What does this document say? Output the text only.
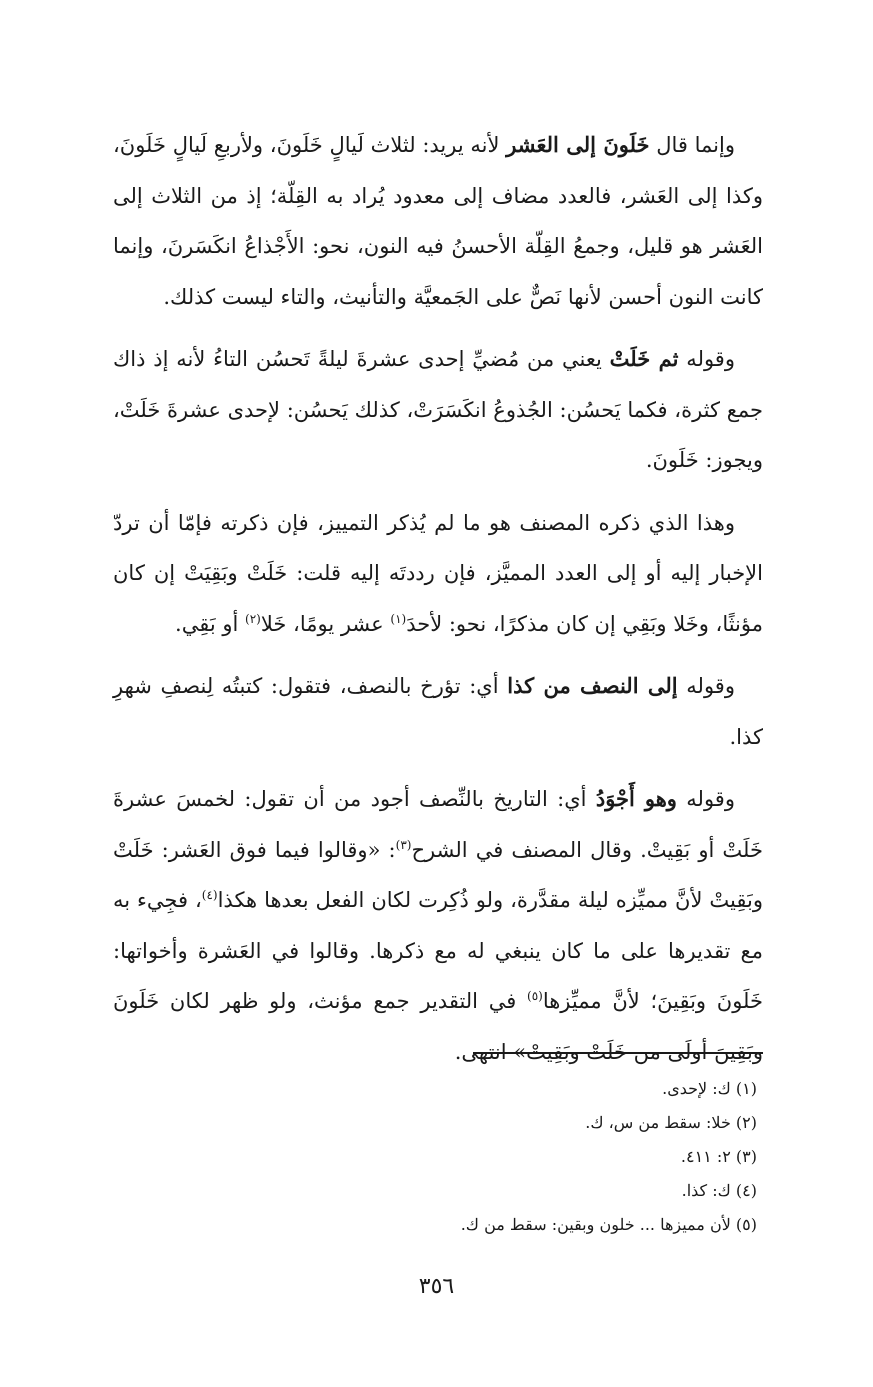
وإنما قال خَلَونَ إلى العَشر لأنه يريد: لثلاث لَيالٍ خَلَونَ، ولأربعِ لَيالٍ خَلَونَ، وكذا إلى العَشر، فالعدد مضاف إلى معدود يُراد به القِلّة؛ إذ من الثلاث إلى العَشر هو قليل، وجمعُ القِلّة الأحسنُ فيه النون، نحو: الأَجْذاعُ انكَسَرنَ، وإنما كانت النون أحسن لأنها نَصٌّ على الجَمعيَّة والتأنيث، والتاء ليست كذلك.

وقوله ثم خَلَتْ يعني من مُضيِّ إحدى عشرةَ ليلةً تَحسُن التاءُ لأنه إذ ذاك جمع كثرة، فكما يَحسُن: الجُذوعُ انكَسَرَتْ، كذلك يَحسُن: لإحدى عشرةَ خَلَتْ، ويجوز: خَلَونَ.

وهذا الذي ذكره المصنف هو ما لم يُذكر التمييز، فإن ذكرته فإمّا أن تردّ الإخبار إليه أو إلى العدد المميَّز، فإن رددتَه إليه قلت: خَلَتْ وبَقِيَتْ إن كان مؤنثًا، وخَلا وبَقِي إن كان مذكرًا، نحو: لأحدَ$^{(١)}$ عشر يومًا، خَلا$^{(٢)}$ أو بَقِي.

وقوله إلى النصف من كذا أي: تؤرخ بالنصف، فتقول: كتبتُه لِنصفِ شهرِ كذا.

وقوله وهو أَجْوَدُ أي: التاريخ بالنِّصف أجود من أن تقول: لخمسَ عشرةَ خَلَتْ أو بَقِيتْ. وقال المصنف في الشرح$^{(٣)}$: «وقالوا فيما فوق العَشر: خَلَتْ وبَقِيتْ لأنَّ مميِّزه ليلة مقدَّرة، ولو ذُكِرت لكان الفعل بعدها هكذا$^{(٤)}$، فجِيء به مع تقديرها على ما كان ينبغي له مع ذكرها. وقالوا في العَشرة وأخواتها: خَلَونَ وبَقِينَ؛ لأنَّ مميِّزها$^{(٥)}$ في التقدير جمع مؤنث، ولو ظهر لكان خَلَونَ وبَقِينَ أولَى من خَلَتْ وبَقِيتْ» انتهى.

(١) ك: لإحدى.

(٢) خلا: سقط من س، ك.

(٣) ٢: ٤١١.

(٤) ك: كذا.

(٥) لأن مميزها ... خلون وبقين: سقط من ك.

٣٥٦
